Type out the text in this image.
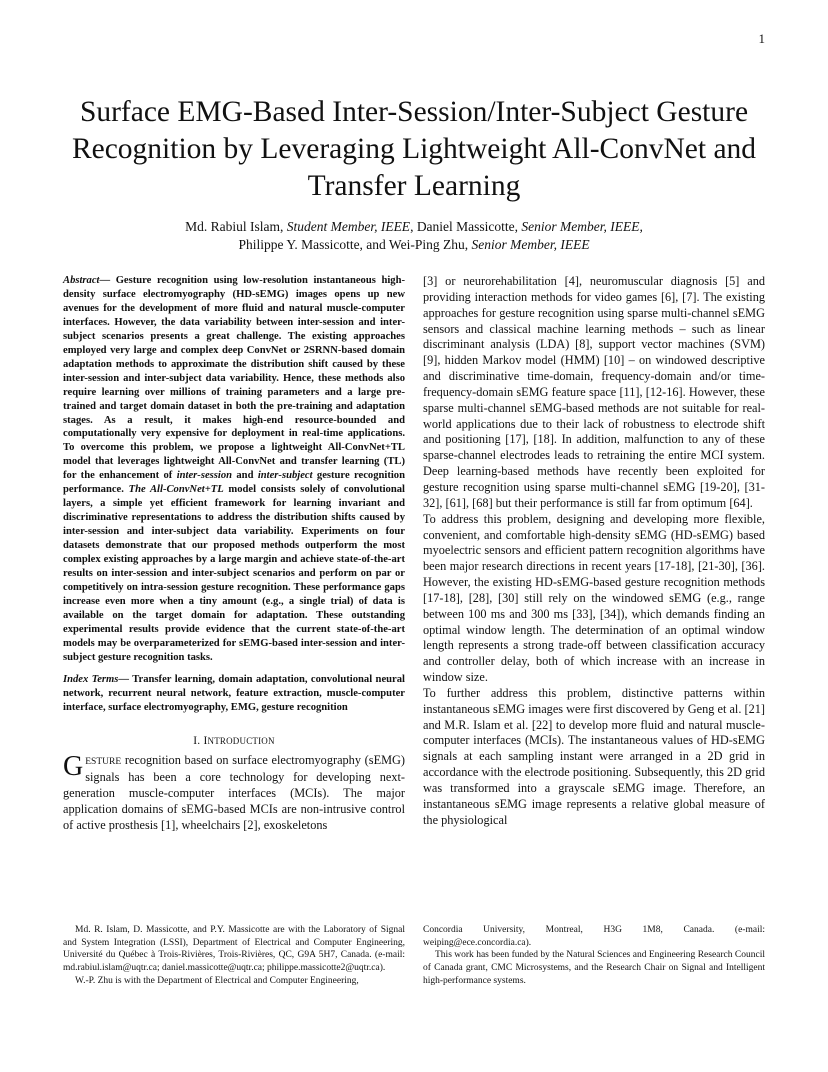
1
Surface EMG-Based Inter-Session/Inter-Subject Gesture Recognition by Leveraging Lightweight All-ConvNet and Transfer Learning
Md. Rabiul Islam, Student Member, IEEE, Daniel Massicotte, Senior Member, IEEE,
Philippe Y. Massicotte, and Wei-Ping Zhu, Senior Member, IEEE

Abstract— Gesture recognition using low-resolution instantaneous high-density surface electromyography (HD-sEMG) images opens up new avenues for the development of more fluid and natural muscle-computer interfaces. However, the data variability between inter-session and inter-subject scenarios presents a great challenge. The existing approaches employed very large and complex deep ConvNet or 2SRNN-based domain adaptation methods to approximate the distribution shift caused by these inter-session and inter-subject data variability. Hence, these methods also require learning over millions of training parameters and a large pre-trained and target domain dataset in both the pre-training and adaptation stages. As a result, it makes high-end resource-bounded and computationally very expensive for deployment in real-time applications. To overcome this problem, we propose a lightweight All-ConvNet+TL model that leverages lightweight All-ConvNet and transfer learning (TL) for the enhancement of inter-session and inter-subject gesture recognition performance. The All-ConvNet+TL model consists solely of convolutional layers, a simple yet efficient framework for learning invariant and discriminative representations to address the distribution shifts caused by inter-session and inter-subject data variability. Experiments on four datasets demonstrate that our proposed methods outperform the most complex existing approaches by a large margin and achieve state-of-the-art results on inter-session and inter-subject scenarios and perform on par or competitively on intra-session gesture recognition. These performance gaps increase even more when a tiny amount (e.g., a single trial) of data is available on the target domain for adaptation. These outstanding experimental results provide evidence that the current state-of-the-art models may be overparameterized for sEMG-based inter-session and inter-subject gesture recognition tasks.

Index Terms— Transfer learning, domain adaptation, convolutional neural network, recurrent neural network, feature extraction, muscle-computer interface, surface electromyography, EMG, gesture recognition

I. INTRODUCTION

GESTURE recognition based on surface electromyography (sEMG) signals has been a core technology for developing next-generation muscle-computer interfaces (MCIs). The major application domains of sEMG-based MCIs are non-intrusive control of active prosthesis [1], wheelchairs [2], exoskeletons

[3] or neurorehabilitation [4], neuromuscular diagnosis [5] and providing interaction methods for video games [6], [7]. The existing approaches for gesture recognition using sparse multi-channel sEMG sensors and classical machine learning methods – such as linear discriminant analysis (LDA) [8], support vector machines (SVM) [9], hidden Markov model (HMM) [10] – on windowed descriptive and discriminative time-domain, frequency-domain and/or time-frequency-domain sEMG feature space [11], [12-16]. However, these sparse multi-channel sEMG-based methods are not suitable for real-world applications due to their lack of robustness to electrode shift and positioning [17], [18]. In addition, malfunction to any of these sparse-channel electrodes leads to retraining the entire MCI system. Deep learning-based methods have recently been exploited for gesture recognition using sparse multi-channel sEMG [19-20], [31-32], [61], [68] but their performance is still far from optimum [64].

To address this problem, designing and developing more flexible, convenient, and comfortable high-density sEMG (HD-sEMG) based myoelectric sensors and efficient pattern recognition algorithms have been major research directions in recent years [17-18], [21-30], [36]. However, the existing HD-sEMG-based gesture recognition methods [17-18], [28], [30] still rely on the windowed sEMG (e.g., range between 100 ms and 300 ms [33], [34]), which demands finding an optimal window length. The determination of an optimal window length represents a strong trade-off between classification accuracy and controller delay, both of which increase with an increase in window size.

To further address this problem, distinctive patterns within instantaneous sEMG images were first discovered by Geng et al. [21] and M.R. Islam et al. [22] to develop more fluid and natural muscle-computer interfaces (MCIs). The instantaneous values of HD-sEMG signals at each sampling instant were arranged in a 2D grid in accordance with the electrode positioning. Subsequently, this 2D grid was transformed into a grayscale sEMG image. Therefore, an instantaneous sEMG image represents a relative global measure of the physiological

Md. R. Islam, D. Massicotte, and P.Y. Massicotte are with the Laboratory of Signal and System Integration (LSSI), Department of Electrical and Computer Engineering, Université du Québec à Trois-Rivières, Trois-Rivières, QC, G9A 5H7, Canada. (e-mail: md.rabiul.islam@uqtr.ca; daniel.massicotte@uqtr.ca; philippe.massicotte2@uqtr.ca).

W.-P. Zhu is with the Department of Electrical and Computer Engineering,

Concordia University, Montreal, H3G 1M8, Canada. (e-mail: weiping@ece.concordia.ca).

This work has been funded by the Natural Sciences and Engineering Research Council of Canada grant, CMC Microsystems, and the Research Chair on Signal and Intelligent high-performance systems.
